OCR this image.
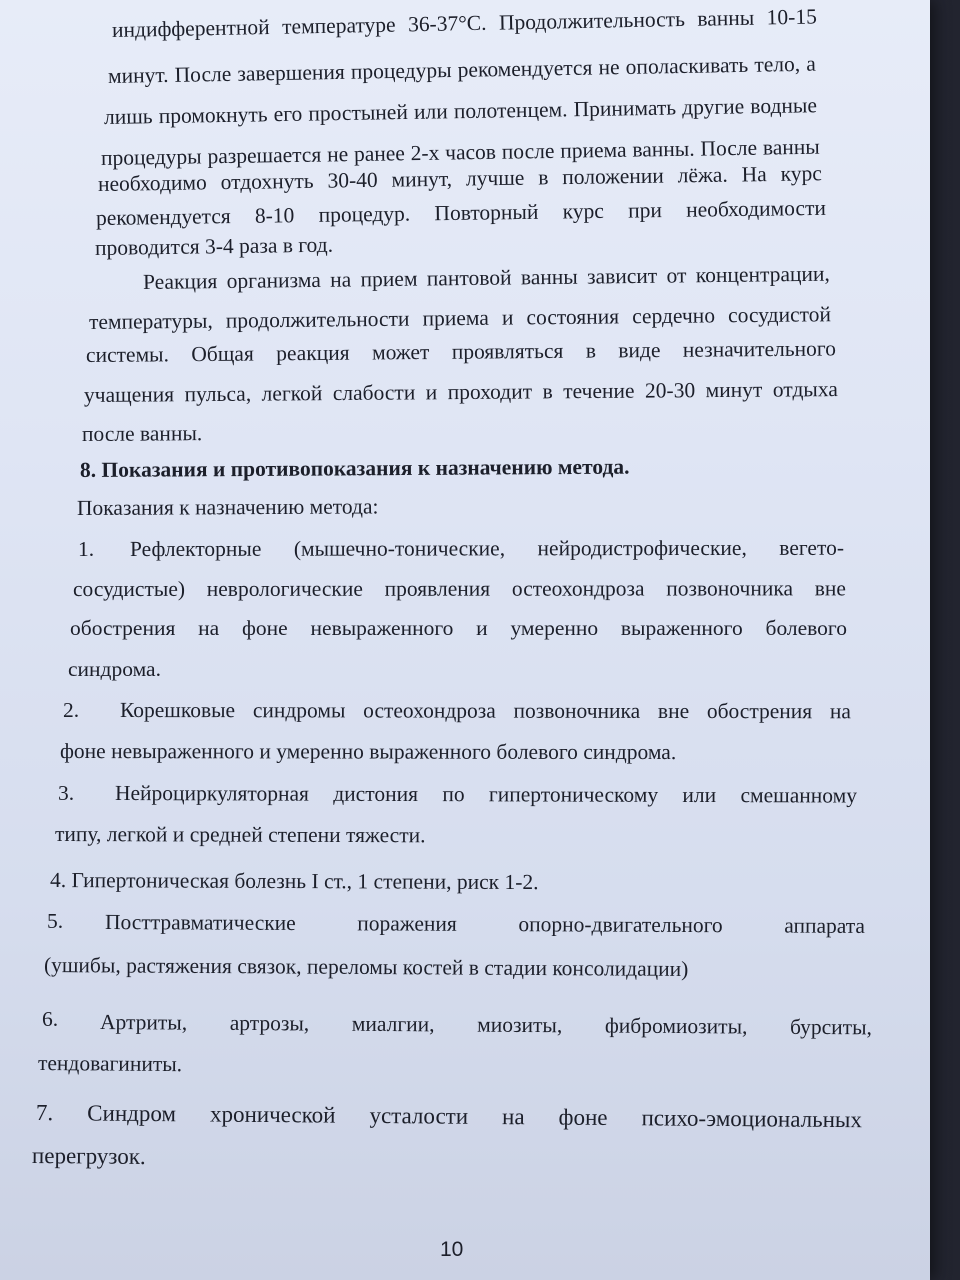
индифферентной температуре 36-37°С. Продолжительность ванны 10-15
минут. После завершения процедуры рекомендуется не ополаскивать тело, а
лишь промокнуть его простыней или полотенцем. Принимать другие водные
процедуры разрешается не ранее 2-х часов после приема ванны. После ванны
необходимо отдохнуть 30-40 минут, лучше в положении лёжа. На курс
рекомендуется 8-10 процедур. Повторный курс при необходимости
проводится 3-4 раза в год.
Реакция организма на прием пантовой ванны зависит от концентрации,
температуры, продолжительности приема и состояния сердечно сосудистой
системы. Общая реакция может проявляться в виде незначительного
учащения пульса, легкой слабости и проходит в течение 20-30 минут отдыха
после ванны.
8. Показания и противопоказания к назначению метода.
Показания к назначению метода:
1. Рефлекторные (мышечно-тонические, нейродистрофические, вегето-
сосудистые) неврологические проявления остеохондроза позвоночника вне
обострения на фоне невыраженного и умеренно выраженного болевого
синдрома.
2. Корешковые синдромы остеохондроза позвоночника вне обострения на
фоне невыраженного и умеренно выраженного болевого синдрома.
3. Нейроциркуляторная дистония по гипертоническому или смешанному
типу, легкой и средней степени тяжести.
4. Гипертоническая болезнь I ст., 1 степени, риск 1-2.
5. Посттравматические	поражения	опорно-двигательного	аппарата
(ушибы, растяжения связок, переломы костей в стадии консолидации)
6. Артриты, артрозы, миалгии, миозиты, фибромиозиты, бурситы,
тендовагиниты.
7. Синдром хронической усталости на фоне психо-эмоциональных
перегрузок.
10
